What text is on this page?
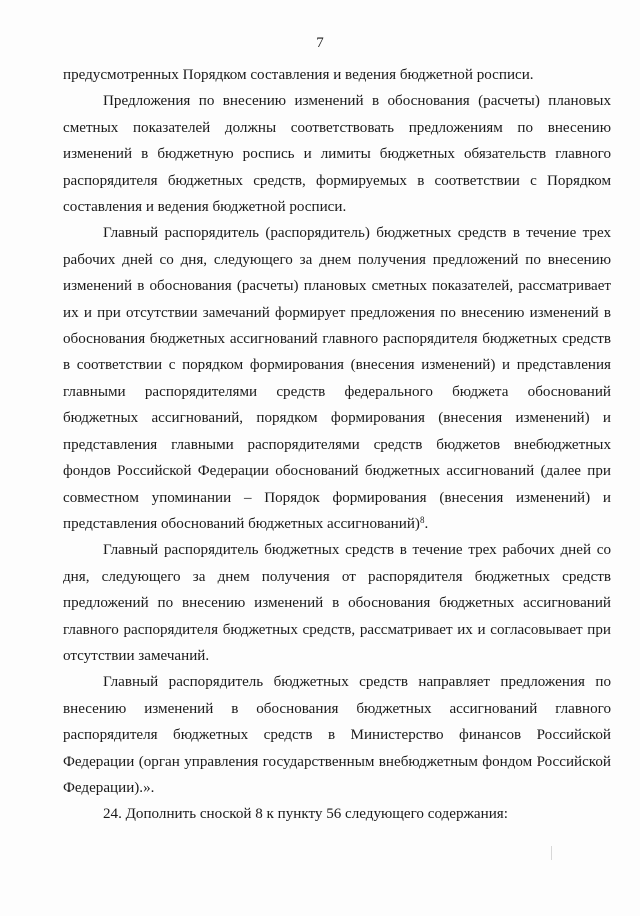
7

предусмотренных Порядком составления и ведения бюджетной росписи.

Предложения по внесению изменений в обоснования (расчеты) плановых сметных показателей должны соответствовать предложениям по внесению изменений в бюджетную роспись и лимиты бюджетных обязательств главного распорядителя бюджетных средств, формируемых в соответствии с Порядком составления и ведения бюджетной росписи.

Главный распорядитель (распорядитель) бюджетных средств в течение трех рабочих дней со дня, следующего за днем получения предложений по внесению изменений в обоснования (расчеты) плановых сметных показателей, рассматривает их и при отсутствии замечаний формирует предложения по внесению изменений в обоснования бюджетных ассигнований главного распорядителя бюджетных средств в соответствии с порядком формирования (внесения изменений) и представления главными распорядителями средств федерального бюджета обоснований бюджетных ассигнований, порядком формирования (внесения изменений) и представления главными распорядителями средств бюджетов внебюджетных фондов Российской Федерации обоснований бюджетных ассигнований (далее при совместном упоминании – Порядок формирования (внесения изменений) и представления обоснований бюджетных ассигнований)$^8$.

Главный распорядитель бюджетных средств в течение трех рабочих дней со дня, следующего за днем получения от распорядителя бюджетных средств предложений по внесению изменений в обоснования бюджетных ассигнований главного распорядителя бюджетных средств, рассматривает их и согласовывает при отсутствии замечаний.

Главный распорядитель бюджетных средств направляет предложения по внесению изменений в обоснования бюджетных ассигнований главного распорядителя бюджетных средств в Министерство финансов Российской Федерации (орган управления государственным внебюджетным фондом Российской Федерации).».

24. Дополнить сноской 8 к пункту 56 следующего содержания:
